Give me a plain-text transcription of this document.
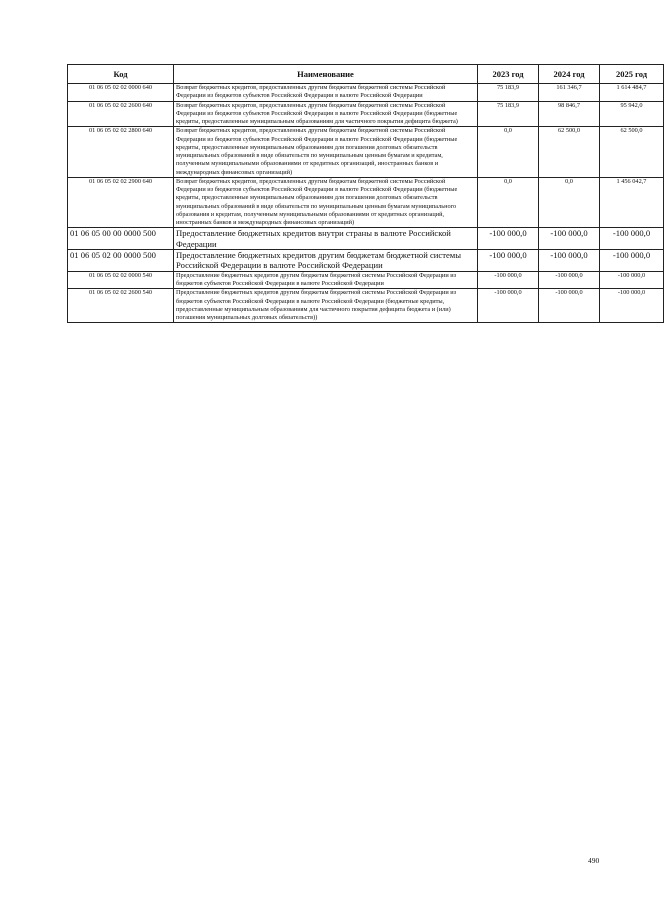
Код	Наименование	2023 год	2024 год	2025 год
01 06 05 02 02 0000 640	Возврат бюджетных кредитов, предоставленных другим бюджетам бюджетной системы Российской Федерации из бюджетов субъектов Российской Федерации в валюте Российской Федерации	75 183,9	161 346,7	1 614 484,7
01 06 05 02 02 2600 640	Возврат бюджетных кредитов, предоставленных другим бюджетам бюджетной системы Российской Федерации из бюджетов субъектов Российской Федерации в валюте Российской Федерации (бюджетные кредиты, предоставленные муниципальным образованиям для частичного покрытия дефицита бюджета)	75 183,9	98 846,7	95 942,0
01 06 05 02 02 2800 640	Возврат бюджетных кредитов, предоставленных другим бюджетам бюджетной системы Российской Федерации из бюджетов субъектов Российской Федерации в валюте Российской Федерации (бюджетные кредиты, предоставленные муниципальным образованиям для погашения долговых обязательств муниципальных образований в виде обязательств по муниципальным ценным бумагам и кредитам, полученным муниципальными образованиями от кредитных организаций, иностранных банков и международных финансовых организаций)	0,0	62 500,0	62 500,0
01 06 05 02 02 2900 640	Возврат бюджетных кредитов, предоставленных другим бюджетам бюджетной системы Российской Федерации из бюджетов субъектов Российской Федерации в валюте Российской Федерации (бюджетные кредиты, предоставленные муниципальным образованиям для погашения долговых обязательств муниципальных образований в виде обязательств по муниципальным ценным бумагам муниципального образования и кредитам, полученным муниципальными образованиями от кредитных организаций, иностранных банков и международных финансовых организаций)	0,0	0,0	1 456 042,7
01 06 05 00 00 0000 500	Предоставление бюджетных кредитов внутри страны в валюте Российской Федерации	-100 000,0	-100 000,0	-100 000,0
01 06 05 02 00 0000 500	Предоставление бюджетных кредитов другим бюджетам бюджетной системы Российской Федерации в валюте Российской Федерации	-100 000,0	-100 000,0	-100 000,0
01 06 05 02 02 0000 540	Предоставление бюджетных кредитов другим бюджетам бюджетной системы Российской Федерации из бюджетов субъектов Российской Федерации в валюте Российской Федерации	-100 000,0	-100 000,0	-100 000,0
01 06 05 02 02 2600 540	Предоставление бюджетных кредитов другим бюджетам бюджетной системы Российской Федерации из бюджетов субъектов Российской Федерации в валюте Российской Федерации (бюджетные кредиты, предоставленные муниципальным образованиям для частичного покрытия дефицита бюджета и (или) погашения муниципальных долговых обязательств))	-100 000,0	-100 000,0	-100 000,0
490
